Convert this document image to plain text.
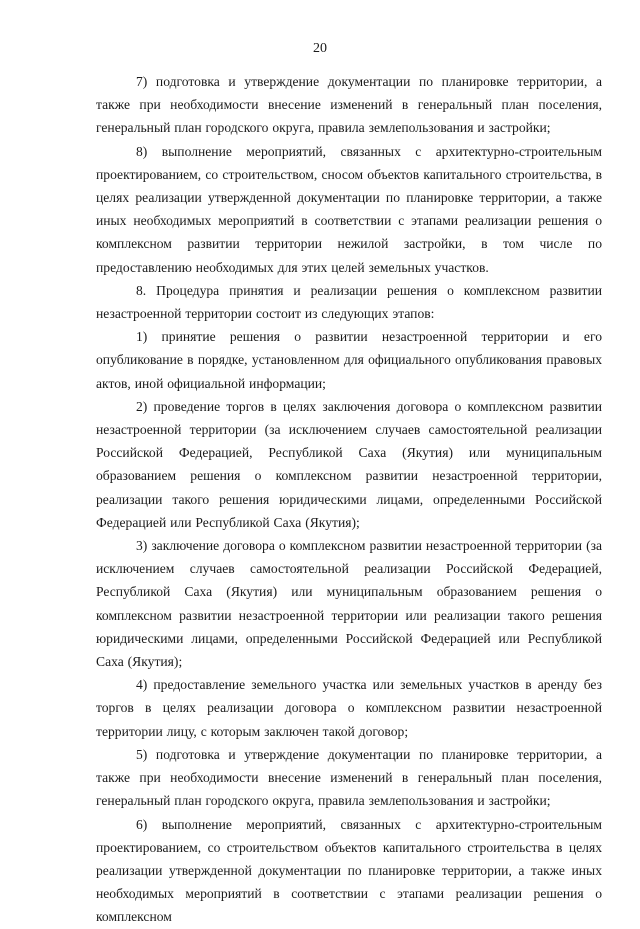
20

7) подготовка и утверждение документации по планировке территории, а также при необходимости внесение изменений в генеральный план поселения, генеральный план городского округа, правила землепользования и застройки;

8) выполнение мероприятий, связанных с архитектурно-строительным проектированием, со строительством, сносом объектов капитального строительства, в целях реализации утвержденной документации по планировке территории, а также иных необходимых мероприятий в соответствии с этапами реализации решения о комплексном развитии территории нежилой застройки, в том числе по предоставлению необходимых для этих целей земельных участков.

8. Процедура принятия и реализации решения о комплексном развитии незастроенной территории состоит из следующих этапов:

1) принятие решения о развитии незастроенной территории и его опубликование в порядке, установленном для официального опубликования правовых актов, иной официальной информации;

2) проведение торгов в целях заключения договора о комплексном развитии незастроенной территории (за исключением случаев самостоятельной реализации Российской Федерацией, Республикой Саха (Якутия) или муниципальным образованием решения о комплексном развитии незастроенной территории, реализации такого решения юридическими лицами, определенными Российской Федерацией или Республикой Саха (Якутия);

3) заключение договора о комплексном развитии незастроенной территории (за исключением случаев самостоятельной реализации Российской Федерацией, Республикой Саха (Якутия) или муниципальным образованием решения о комплексном развитии незастроенной территории или реализации такого решения юридическими лицами, определенными Российской Федерацией или Республикой Саха (Якутия);

4) предоставление земельного участка или земельных участков в аренду без торгов в целях реализации договора о комплексном развитии незастроенной территории лицу, с которым заключен такой договор;

5) подготовка и утверждение документации по планировке территории, а также при необходимости внесение изменений в генеральный план поселения, генеральный план городского округа, правила землепользования и застройки;

6) выполнение мероприятий, связанных с архитектурно-строительным проектированием, со строительством объектов капитального строительства в целях реализации утвержденной документации по планировке территории, а также иных необходимых мероприятий в соответствии с этапами реализации решения о комплексном
